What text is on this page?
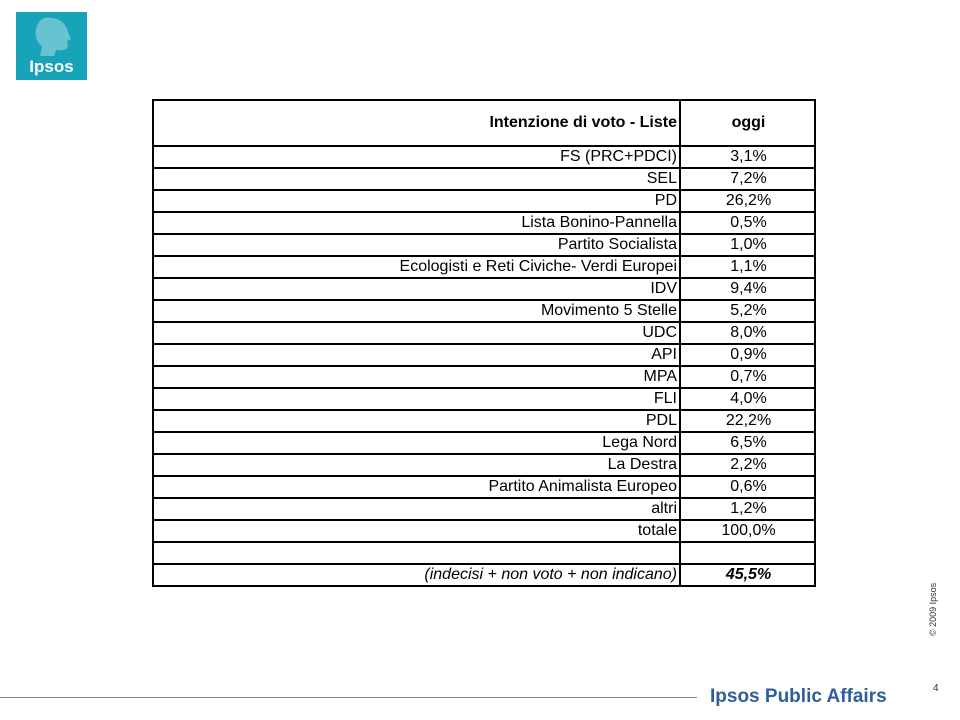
Ipsos
Intenzione di voto - Liste	oggi
FS (PRC+PDCI)	3,1%
SEL	7,2%
PD	26,2%
Lista Bonino-Pannella	0,5%
Partito Socialista	1,0%
Ecologisti e Reti Civiche- Verdi Europei	1,1%
IDV	9,4%
Movimento 5 Stelle	5,2%
UDC	8,0%
API	0,9%
MPA	0,7%
FLI	4,0%
PDL	22,2%
Lega Nord	6,5%
La Destra	2,2%
Partito Animalista Europeo	0,6%
altri	1,2%
totale	100,0%

(indecisi + non voto + non indicano)	45,5%
© 2009 Ipsos
4
Ipsos Public Affairs
